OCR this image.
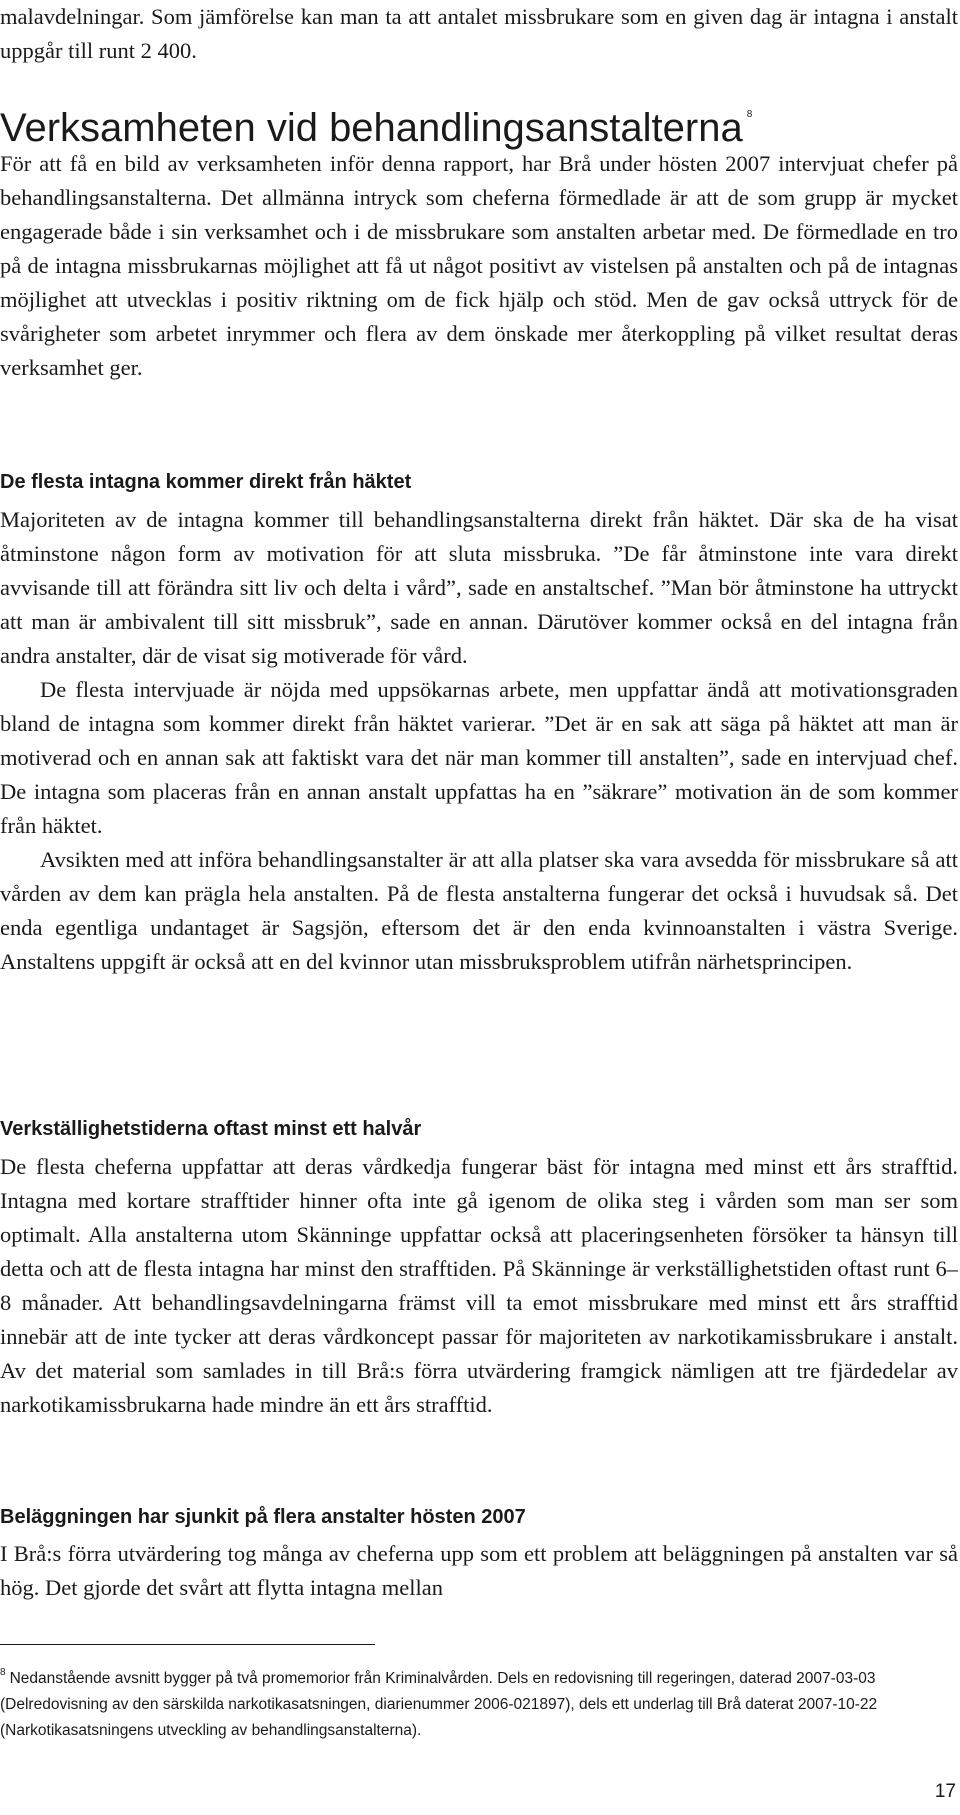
malavdelningar. Som jämförelse kan man ta att antalet missbrukare som en given dag är intagna i anstalt uppgår till runt 2 400.

Verksamheten vid behandlingsanstalterna $^8$

För att få en bild av verksamheten inför denna rapport, har Brå under hösten 2007 intervjuat chefer på behandlingsanstalterna. Det allmänna intryck som cheferna förmedlade är att de som grupp är mycket engagerade både i sin verksamhet och i de missbrukare som anstalten arbetar med. De förmedlade en tro på de intagna missbrukarnas möjlighet att få ut något positivt av vistelsen på anstalten och på de intagnas möjlighet att utvecklas i positiv riktning om de fick hjälp och stöd. Men de gav också uttryck för de svårigheter som arbetet inrymmer och flera av dem önskade mer återkoppling på vilket resultat deras verksamhet ger.

De flesta intagna kommer direkt från häktet
Majoriteten av de intagna kommer till behandlingsanstalterna direkt från häktet. Där ska de ha visat åtminstone någon form av motivation för att sluta missbruka. ”De får åtminstone inte vara direkt avvisande till att förändra sitt liv och delta i vård”, sade en anstaltschef. ”Man bör åtminstone ha uttryckt att man är ambivalent till sitt missbruk”, sade en annan. Därutöver kommer också en del intagna från andra anstalter, där de visat sig motiverade för vård.
De flesta intervjuade är nöjda med uppsökarnas arbete, men uppfattar ändå att motivationsgraden bland de intagna som kommer direkt från häktet varierar. ”Det är en sak att säga på häktet att man är motiverad och en annan sak att faktiskt vara det när man kommer till anstalten”, sade en intervjuad chef. De intagna som placeras från en annan anstalt uppfattas ha en ”säkrare” motivation än de som kommer från häktet.
Avsikten med att införa behandlingsanstalter är att alla platser ska vara avsedda för missbrukare så att vården av dem kan prägla hela anstalten. På de flesta anstalterna fungerar det också i huvudsak så. Det enda egentliga undantaget är Sagsjön, eftersom det är den enda kvinnoanstalten i västra Sverige. Anstaltens uppgift är också att en del kvinnor utan missbruksproblem utifrån närhetsprincipen.
Verkställighetstiderna oftast minst ett halvår

De flesta cheferna uppfattar att deras vårdkedja fungerar bäst för intagna med minst ett års strafftid. Intagna med kortare strafftider hinner ofta inte gå igenom de olika steg i vården som man ser som optimalt. Alla anstalterna utom Skänninge uppfattar också att placeringsenheten försöker ta hänsyn till detta och att de flesta intagna har minst den strafftiden. På Skänninge är verkställighetstiden oftast runt 6–8 månader. Att behandlingsavdelningarna främst vill ta emot missbrukare med minst ett års strafftid innebär att de inte tycker att deras vårdkoncept passar för majoriteten av narkotikamissbrukare i anstalt. Av det material som samlades in till Brå:s förra utvärdering framgick nämligen att tre fjärdedelar av narkotikamissbrukarna hade mindre än ett års strafftid.

Beläggningen har sjunkit på flera anstalter hösten 2007

I Brå:s förra utvärdering tog många av cheferna upp som ett problem att beläggningen på anstalten var så hög. Det gjorde det svårt att flytta intagna mellan

$^8$ Nedanstående avsnitt bygger på två promemorior från Kriminalvården. Dels en redovisning till regeringen, daterad 2007-03-03 (Delredovisning av den särskilda narkotikasatsningen, diarienummer 2006-021897), dels ett underlag till Brå daterat 2007-10-22 (Narkotikasatsningens utveckling av behandlingsanstalterna).

17
